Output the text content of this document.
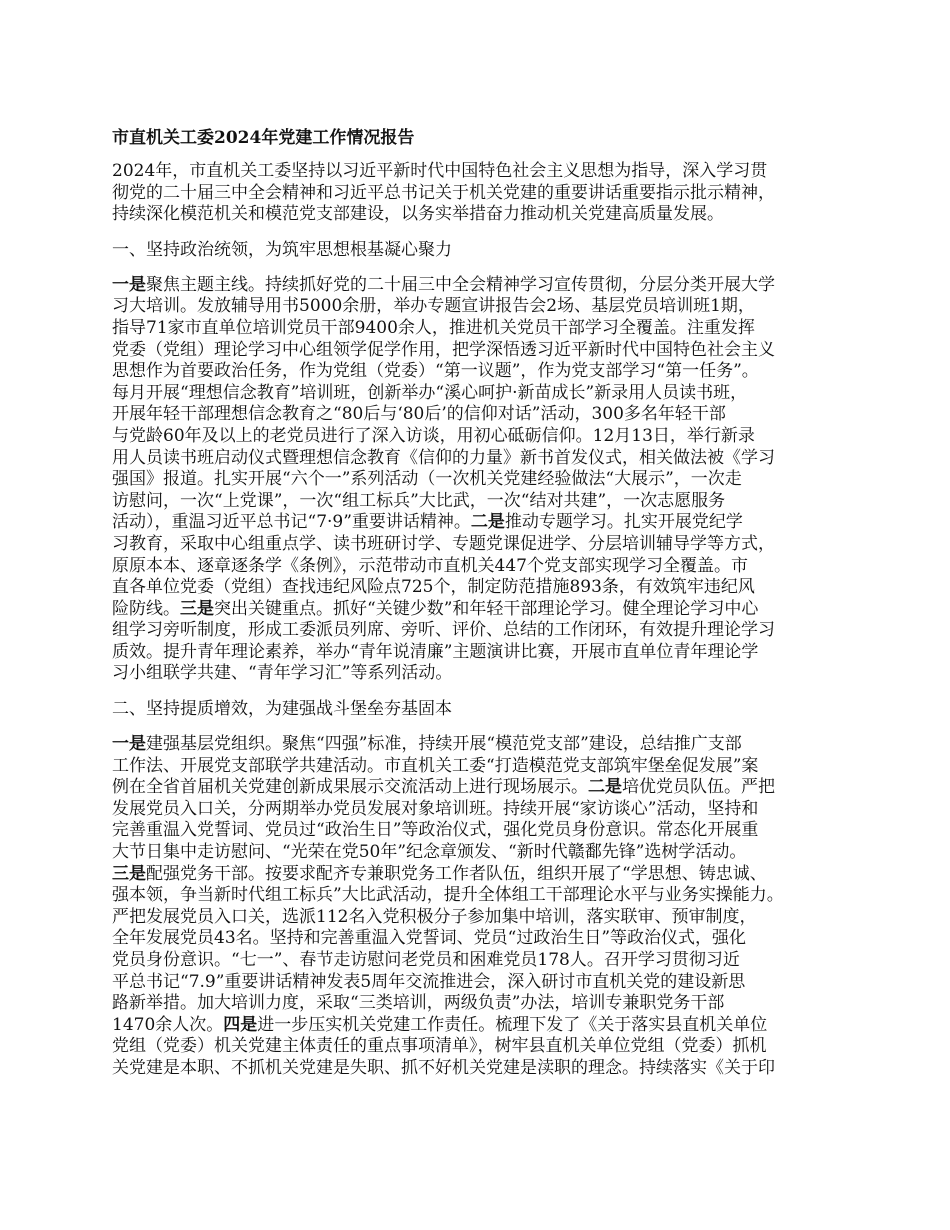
市直机关工委2024年党建工作情况报告
2024年，市直机关工委坚持以习近平新时代中国特色社会主义思想为指导，深入学习贯
彻党的二十届三中全会精神和习近平总书记关于机关党建的重要讲话重要指示批示精神，
持续深化模范机关和模范党支部建设，以务实举措奋力推动机关党建高质量发展。
一、坚持政治统领，为筑牢思想根基凝心聚力
一是聚焦主题主线。持续抓好党的二十届三中全会精神学习宣传贯彻，分层分类开展大学
习大培训。发放辅导用书5000余册，举办专题宣讲报告会2场、基层党员培训班1期，
指导71家市直单位培训党员干部9400余人，推进机关党员干部学习全覆盖。注重发挥
党委（党组）理论学习中心组领学促学作用，把学深悟透习近平新时代中国特色社会主义
思想作为首要政治任务，作为党组（党委）“第一议题”，作为党支部学习“第一任务”。
每月开展“理想信念教育”培训班，创新举办“溪心呵护·新苗成长”新录用人员读书班，
开展年轻干部理想信念教育之“80后与‘80后’的信仰对话”活动，300多名年轻干部
与党龄60年及以上的老党员进行了深入访谈，用初心砥砺信仰。12月13日，举行新录
用人员读书班启动仪式暨理想信念教育《信仰的力量》新书首发仪式，相关做法被《学习
强国》报道。扎实开展“六个一”系列活动（一次机关党建经验做法“大展示”，一次走
访慰问，一次“上党课”，一次“组工标兵”大比武，一次“结对共建”，一次志愿服务
活动），重温习近平总书记“7·9”重要讲话精神。二是推动专题学习。扎实开展党纪学
习教育，采取中心组重点学、读书班研讨学、专题党课促进学、分层培训辅导学等方式，
原原本本、逐章逐条学《条例》，示范带动市直机关447个党支部实现学习全覆盖。市
直各单位党委（党组）查找违纪风险点725个，制定防范措施893条，有效筑牢违纪风
险防线。三是突出关键重点。抓好“关键少数”和年轻干部理论学习。健全理论学习中心
组学习旁听制度，形成工委派员列席、旁听、评价、总结的工作闭环，有效提升理论学习
质效。提升青年理论素养，举办“青年说清廉”主题演讲比赛，开展市直单位青年理论学
习小组联学共建、“青年学习汇”等系列活动。
二、坚持提质增效，为建强战斗堡垒夯基固本
一是建强基层党组织。聚焦“四强”标准，持续开展“模范党支部”建设，总结推广支部
工作法、开展党支部联学共建活动。市直机关工委“打造模范党支部筑牢堡垒促发展”案
例在全省首届机关党建创新成果展示交流活动上进行现场展示。二是培优党员队伍。严把
发展党员入口关，分两期举办党员发展对象培训班。持续开展“家访谈心”活动，坚持和
完善重温入党誓词、党员过“政治生日”等政治仪式，强化党员身份意识。常态化开展重
大节日集中走访慰问、“光荣在党50年”纪念章颁发、“新时代赣鄱先锋”选树学活动。
三是配强党务干部。按要求配齐专兼职党务工作者队伍，组织开展了“学思想、铸忠诚、
强本领，争当新时代组工标兵”大比武活动，提升全体组工干部理论水平与业务实操能力。
严把发展党员入口关，选派112名入党积极分子参加集中培训，落实联审、预审制度，
全年发展党员43名。坚持和完善重温入党誓词、党员“过政治生日”等政治仪式，强化
党员身份意识。“七一”、春节走访慰问老党员和困难党员178人。召开学习贯彻习近
平总书记“7.9”重要讲话精神发表5周年交流推进会，深入研讨市直机关党的建设新思
路新举措。加大培训力度，采取“三类培训，两级负责”办法，培训专兼职党务干部
1470余人次。四是进一步压实机关党建工作责任。梳理下发了《关于落实县直机关单位
党组（党委）机关党建主体责任的重点事项清单》，树牢县直机关单位党组（党委）抓机
关党建是本职、不抓机关党建是失职、抓不好机关党建是渎职的理念。持续落实《关于印
